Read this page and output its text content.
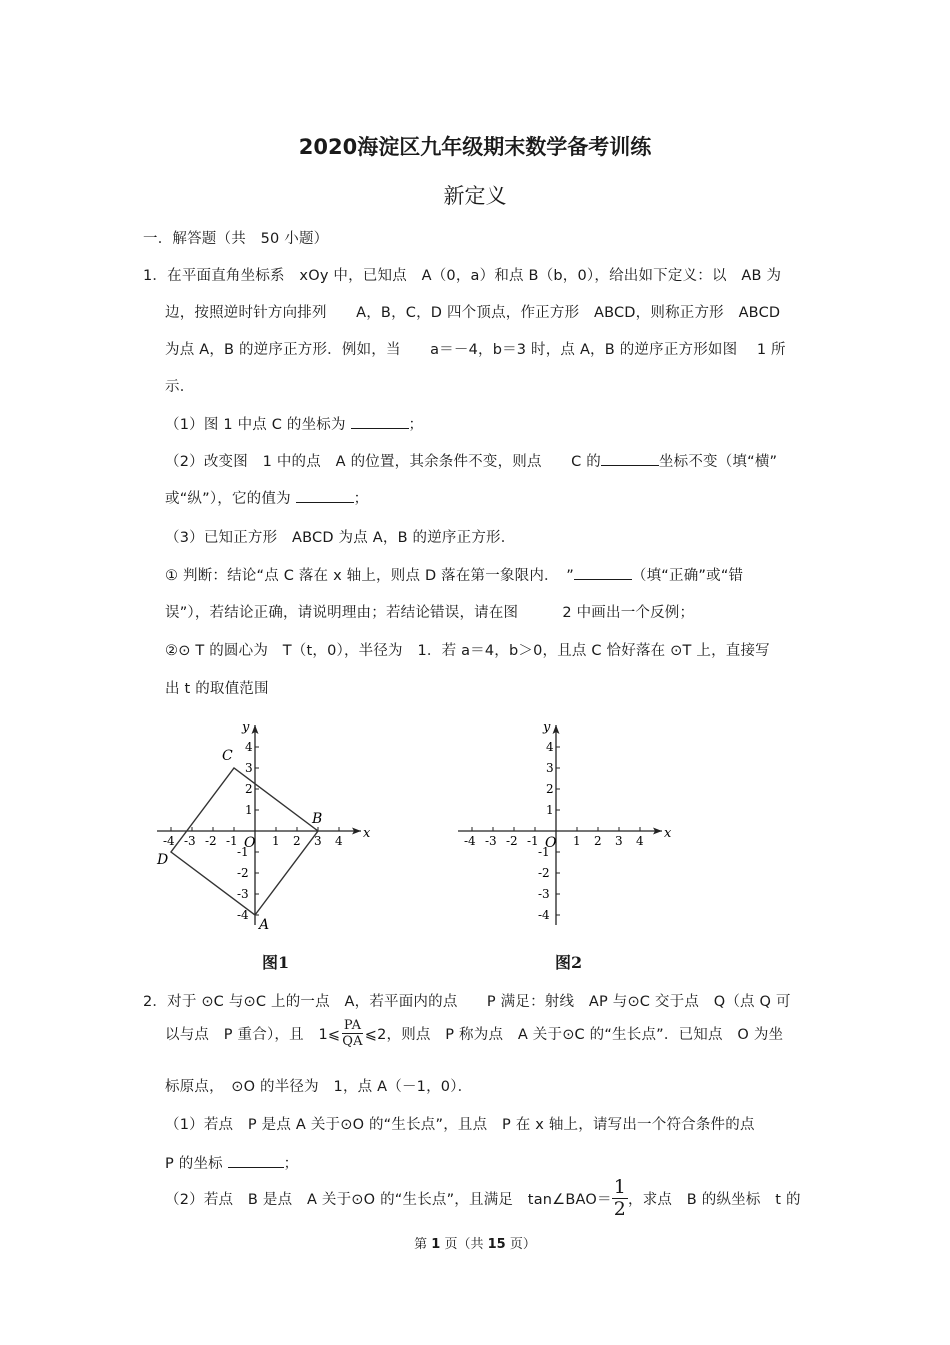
2020海淀区九年级期末数学备考训练
新定义
一．解答题（共　50 小题）
1．在平面直角坐标系　xOy 中，已知点　A（0，a）和点 B（b，0），给出如下定义：以　AB 为
边，按照逆时针方向排列　　A，B，C，D 四个顶点，作正方形　ABCD，则称正方形　ABCD
为点 A，B 的逆序正方形．例如，当　　a＝－4，b＝3 时，点 A，B 的逆序正方形如图　 1 所
示．
（1）图 1 中点 C 的坐标为	；
（2）改变图　1 中的点　A 的位置，其余条件不变，则点　　C 的	坐标不变（填“横”
或“纵”），它的值为	；
（3）已知正方形　ABCD 为点 A，B 的逆序正方形．
① 判断：结论“点 C 落在 x 轴上，则点 D 落在第一象限内．　”	（填“正确”或“错
误”），若结论正确，请说明理由；若结论错误，请在图　　　2 中画出一个反例；
②⊙ T 的圆心为　T（t，0），半径为　1．若 a＝4，b＞0，且点 C 恰好落在 ⊙T 上，直接写
出 t 的取值范围
x
y
O
-4 -3 -2 -1	1 2 3 4
4
3
2
1
-1
-2
-3
-4
A
B
C
D
x
y
O
-4 -3 -2 -1	1 2 3 4
4
3
2
1
-1
-2
-3
-4
图1	图2
2．对于 ⊙C 与⊙C 上的一点　A，若平面内的点　　P 满足：射线　AP 与⊙C 交于点　Q（点 Q 可
以与点　P 重合），且　1⩽ $\frac{PA}{QA}$ ⩽2，则点　P 称为点　A 关于⊙C 的“生长点”．已知点　O 为坐
标原点，　⊙O 的半径为　1，点 A（－1，0）．
（1）若点　P 是点 A 关于⊙O 的“生长点”，且点　P 在 x 轴上，请写出一个符合条件的点
P 的坐标	；
（2）若点　B 是点　A 关于⊙O 的“生长点”，且满足　tan∠BAO＝ $\frac{1}{2}$ ，求点　B 的纵坐标　t 的
第 1 页（共 15 页）
